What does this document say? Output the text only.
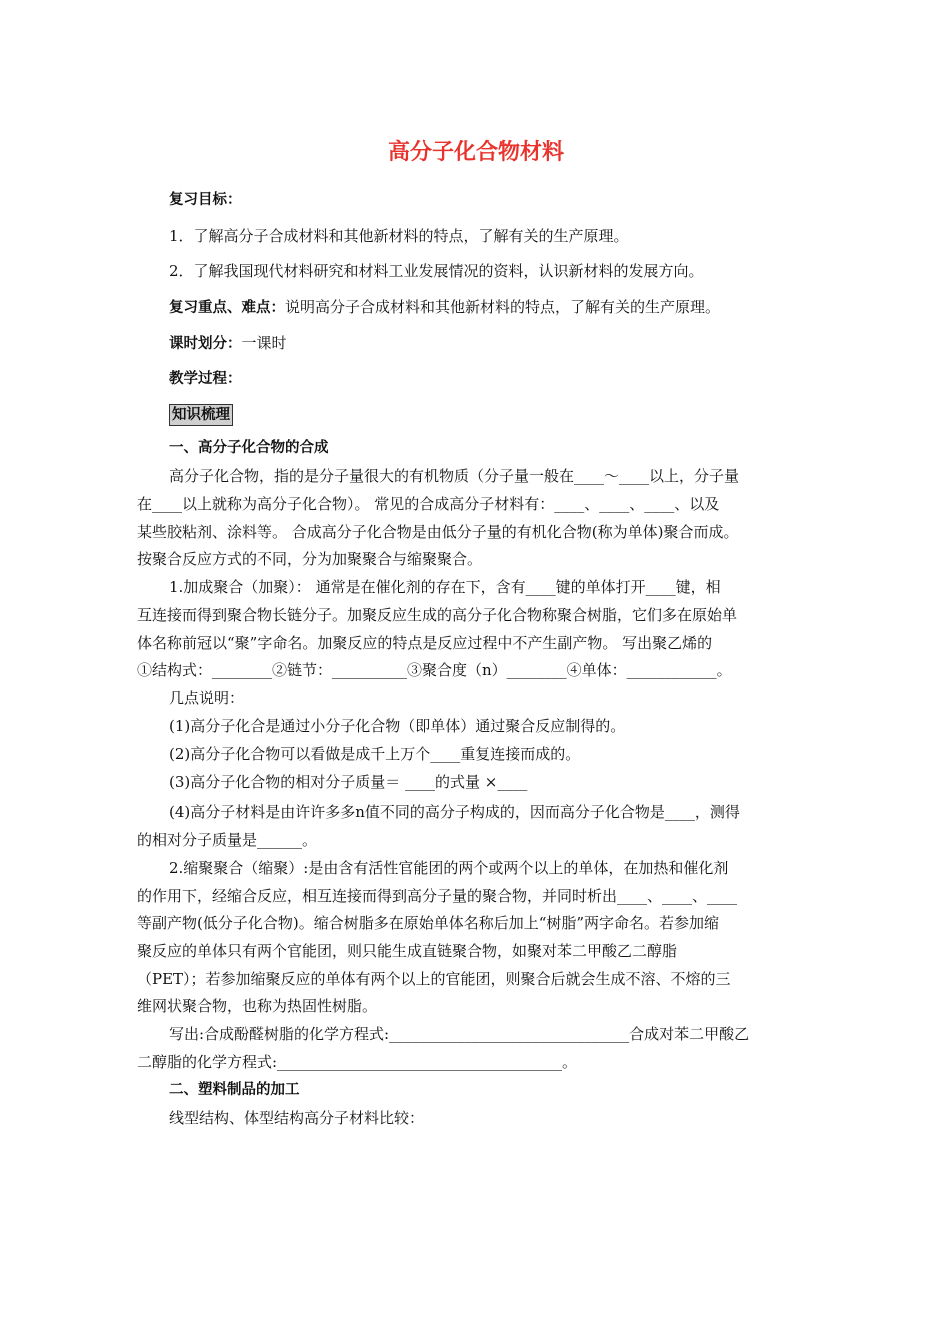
高分子化合物材料
复习目标：
1．了解高分子合成材料和其他新材料的特点，了解有关的生产原理。
2．了解我国现代材料研究和材料工业发展情况的资料，认识新材料的发展方向。
复习重点、难点：说明高分子合成材料和其他新材料的特点，了解有关的生产原理。
课时划分：一课时
教学过程：
知识梳理
一、高分子化合物的合成
高分子化合物，指的是分子量很大的有机物质（分子量一般在____～____以上，分子量
在____以上就称为高分子化合物）。 常见的合成高分子材料有：____、____、____、以及
某些胶粘剂、涂料等。 合成高分子化合物是由低分子量的有机化合物(称为单体)聚合而成。
按聚合反应方式的不同，分为加聚聚合与缩聚聚合。
1.加成聚合（加聚）： 通常是在催化剂的存在下，含有____键的单体打开____键，相
互连接而得到聚合物长链分子。加聚反应生成的高分子化合物称聚合树脂，它们多在原始单
体名称前冠以“聚”字命名。加聚反应的特点是反应过程中不产生副产物。 写出聚乙烯的
①结构式：________②链节：__________③聚合度（n）________④单体：____________。
几点说明：
(1)高分子化合是通过小分子化合物（即单体）通过聚合反应制得的。
(2)高分子化合物可以看做是成千上万个____重复连接而成的。
(3)高分子化合物的相对分子质量＝ ____的式量 ×____
(4)高分子材料是由许许多多n值不同的高分子构成的，因而高分子化合物是____，测得
的相对分子质量是______。
2.缩聚聚合（缩聚）:是由含有活性官能团的两个或两个以上的单体，在加热和催化剂
的作用下，经缩合反应，相互连接而得到高分子量的聚合物，并同时析出____、____、____
等副产物(低分子化合物)。缩合树脂多在原始单体名称后加上“树脂”两字命名。若参加缩
聚反应的单体只有两个官能团，则只能生成直链聚合物，如聚对苯二甲酸乙二醇脂
（PET）；若参加缩聚反应的单体有两个以上的官能团，则聚合后就会生成不溶、不熔的三
维网状聚合物，也称为热固性树脂。
写出:合成酚醛树脂的化学方程式:________________________________合成对苯二甲酸乙
二醇脂的化学方程式:______________________________________。
二、塑料制品的加工
线型结构、体型结构高分子材料比较：
